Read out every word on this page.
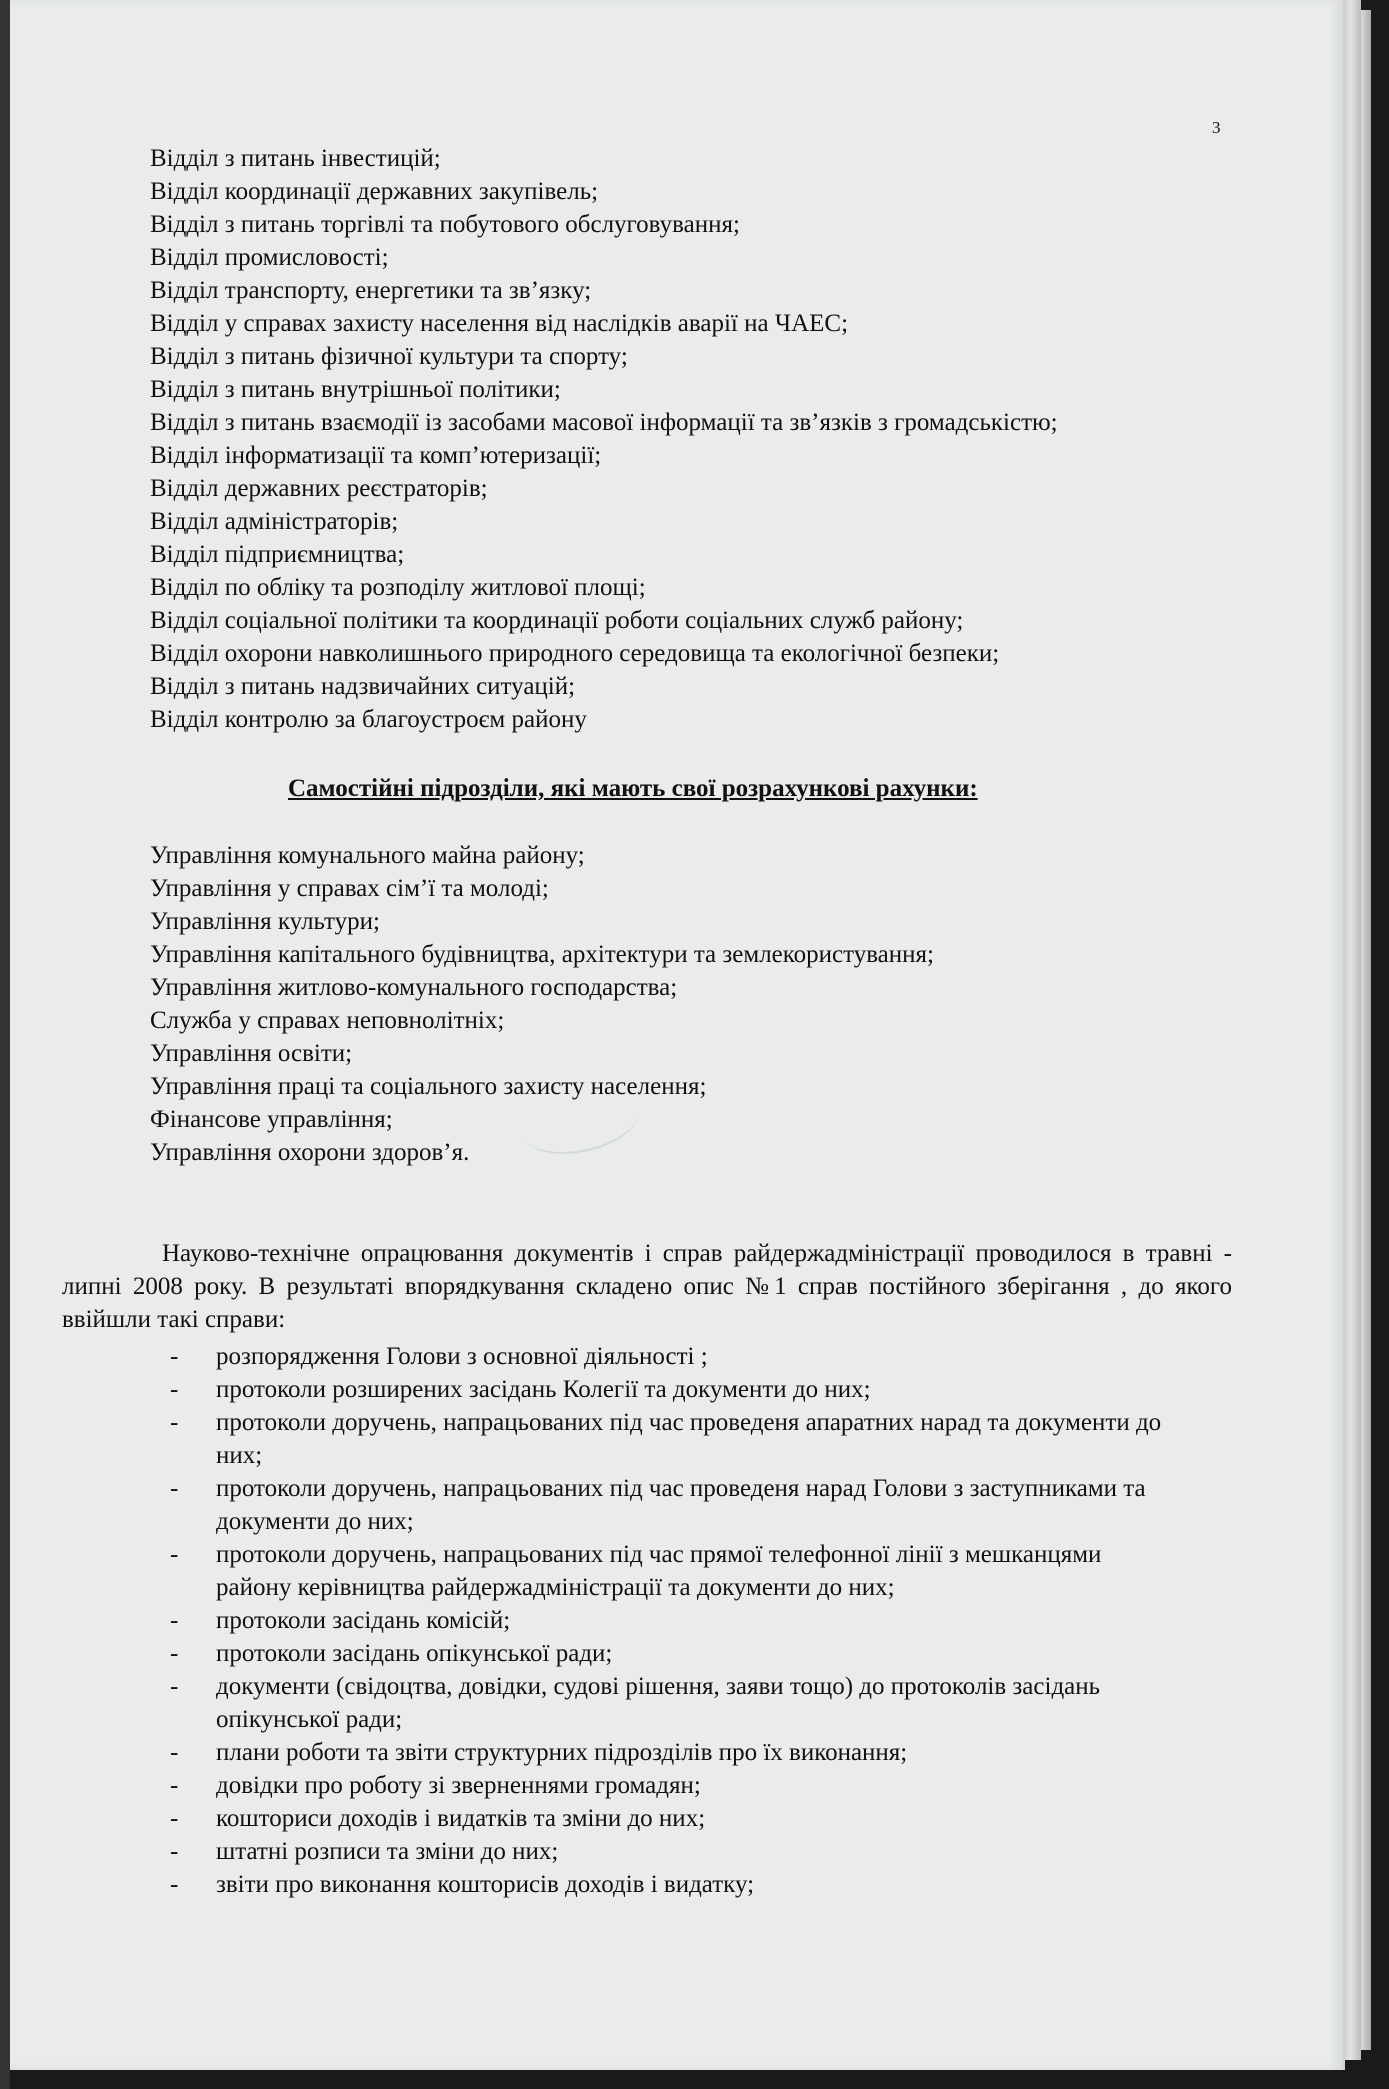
3
Відділ з питань інвестицій;
Відділ координації державних закупівель;
Відділ з питань торгівлі та побутового обслуговування;
Відділ промисловості;
Відділ транспорту, енергетики та зв’язку;
Відділ у справах захисту населення від наслідків аварії на ЧАЕС;
Відділ з питань фізичної культури та спорту;
Відділ з питань внутрішньої політики;
Відділ з питань взаємодії із засобами масової інформації та зв’язків з громадськістю;
Відділ інформатизації та комп’ютеризації;
Відділ державних реєстраторів;
Відділ адміністраторів;
Відділ підприємництва;
Відділ по обліку та розподілу житлової площі;
Відділ соціальної політики та координації роботи соціальних служб району;
Відділ охорони навколишнього природного середовища та екологічної безпеки;
Відділ з питань надзвичайних ситуацій;
Відділ контролю за благоустроєм району
Самостійні підрозділи, які мають свої розрахункові рахунки:
Управління комунального майна району;
Управління у справах сім’ї та молоді;
Управління культури;
Управління капітального будівництва, архітектури та землекористування;
Управління житлово-комунального господарства;
Служба у справах неповнолітніх;
Управління освіти;
Управління праці та соціального захисту населення;
Фінансове управління;
Управління охорони здоров’я.
Науково-технічне опрацювання документів і справ райдержадміністрації проводилося в травні - липні 2008 року. В результаті впорядкування складено опис №1 справ постійного зберігання , до якого ввійшли такі справи:
- розпорядження Голови з основної діяльності ;
- протоколи розширених засідань Колегії та документи до них;
- протоколи доручень, напрацьованих під час проведеня апаратних нарад та документи до них;
- протоколи доручень, напрацьованих під час проведеня нарад Голови з заступниками та документи до них;
- протоколи доручень, напрацьованих під час прямої телефонної лінії з мешканцями району керівництва райдержадміністрації та документи до них;
- протоколи засідань комісій;
- протоколи засідань опікунської ради;
- документи (свідоцтва, довідки, судові рішення, заяви тощо) до протоколів засідань опікунської ради;
- плани роботи та звіти структурних підрозділів про їх виконання;
- довідки про роботу зі зверненнями громадян;
- кошториси доходів і видатків та зміни до них;
- штатні розписи та зміни до них;
- звіти про виконання кошторисів доходів і видатку;
